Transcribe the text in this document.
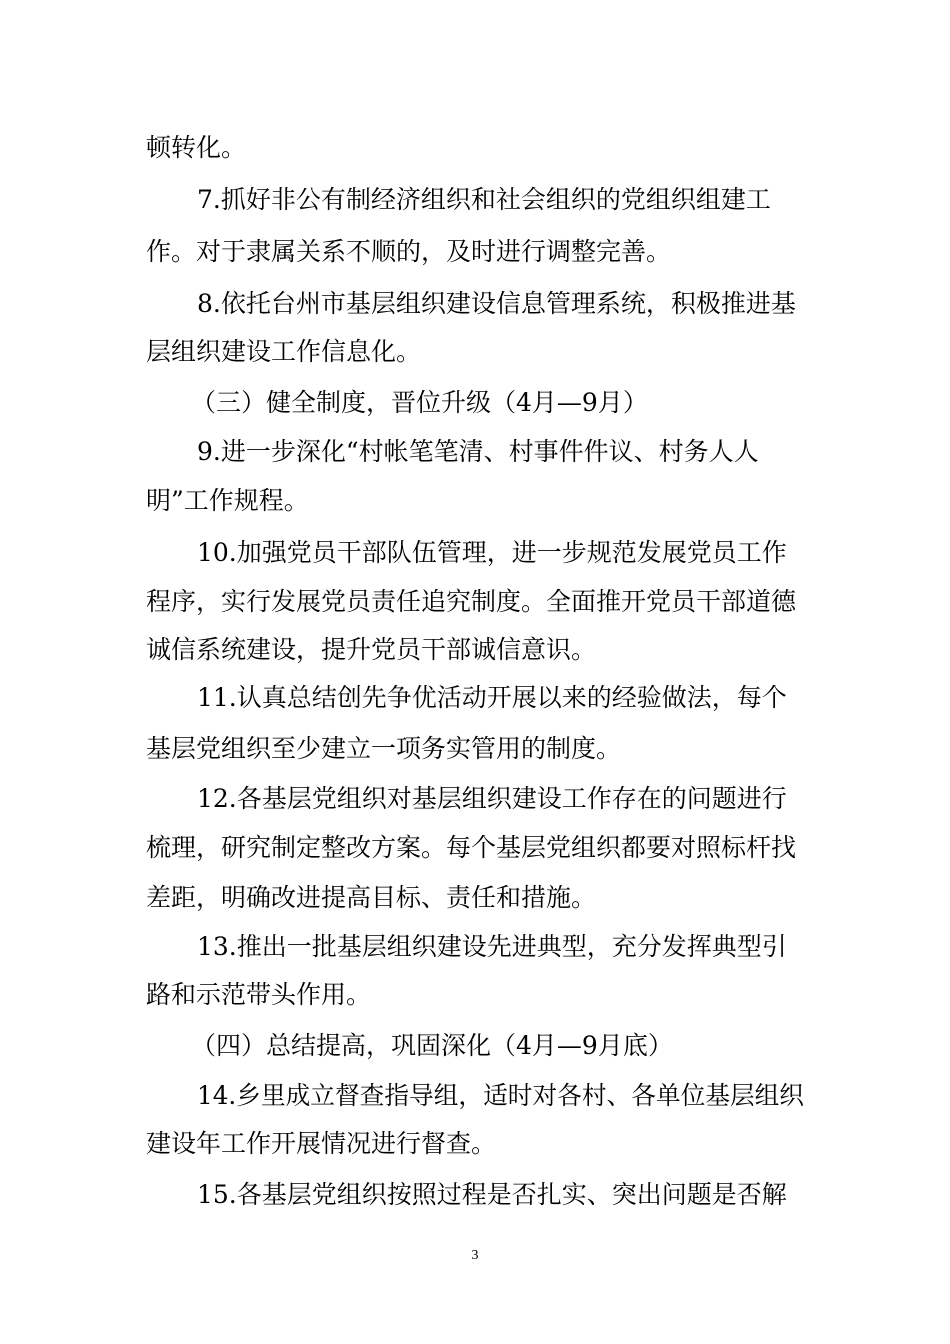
顿转化。
7.抓好非公有制经济组织和社会组织的党组织组建工
作。对于隶属关系不顺的，及时进行调整完善。
8.依托台州市基层组织建设信息管理系统，积极推进基
层组织建设工作信息化。
（三）健全制度，晋位升级（4月—9月）
9.进一步深化“村帐笔笔清、村事件件议、村务人人
明”工作规程。
10.加强党员干部队伍管理，进一步规范发展党员工作
程序，实行发展党员责任追究制度。全面推开党员干部道德
诚信系统建设，提升党员干部诚信意识。
11.认真总结创先争优活动开展以来的经验做法，每个
基层党组织至少建立一项务实管用的制度。
12.各基层党组织对基层组织建设工作存在的问题进行
梳理，研究制定整改方案。每个基层党组织都要对照标杆找
差距，明确改进提高目标、责任和措施。
13.推出一批基层组织建设先进典型，充分发挥典型引
路和示范带头作用。
（四）总结提高，巩固深化（4月—9月底）
14.乡里成立督查指导组，适时对各村、各单位基层组织
建设年工作开展情况进行督查。
15.各基层党组织按照过程是否扎实、突出问题是否解
3
